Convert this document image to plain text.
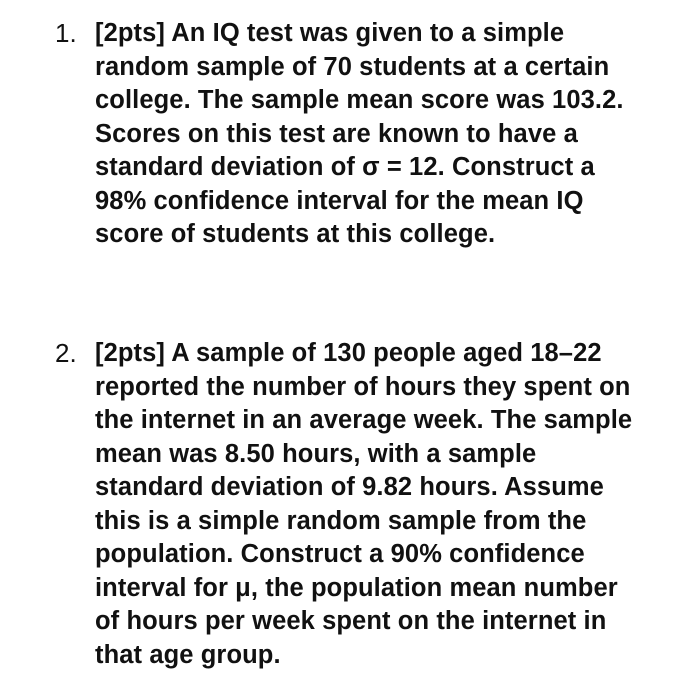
1. [2pts] An IQ test was given to a simple
random sample of 70 students at a certain
college. The sample mean score was 103.2.
Scores on this test are known to have a
standard deviation of σ = 12. Construct a
98% confidence interval for the mean IQ
score of students at this college.
2. [2pts] A sample of 130 people aged 18–22
reported the number of hours they spent on
the internet in an average week. The sample
mean was 8.50 hours, with a sample
standard deviation of 9.82 hours. Assume
this is a simple random sample from the
population. Construct a 90% confidence
interval for μ, the population mean number
of hours per week spent on the internet in
that age group.
